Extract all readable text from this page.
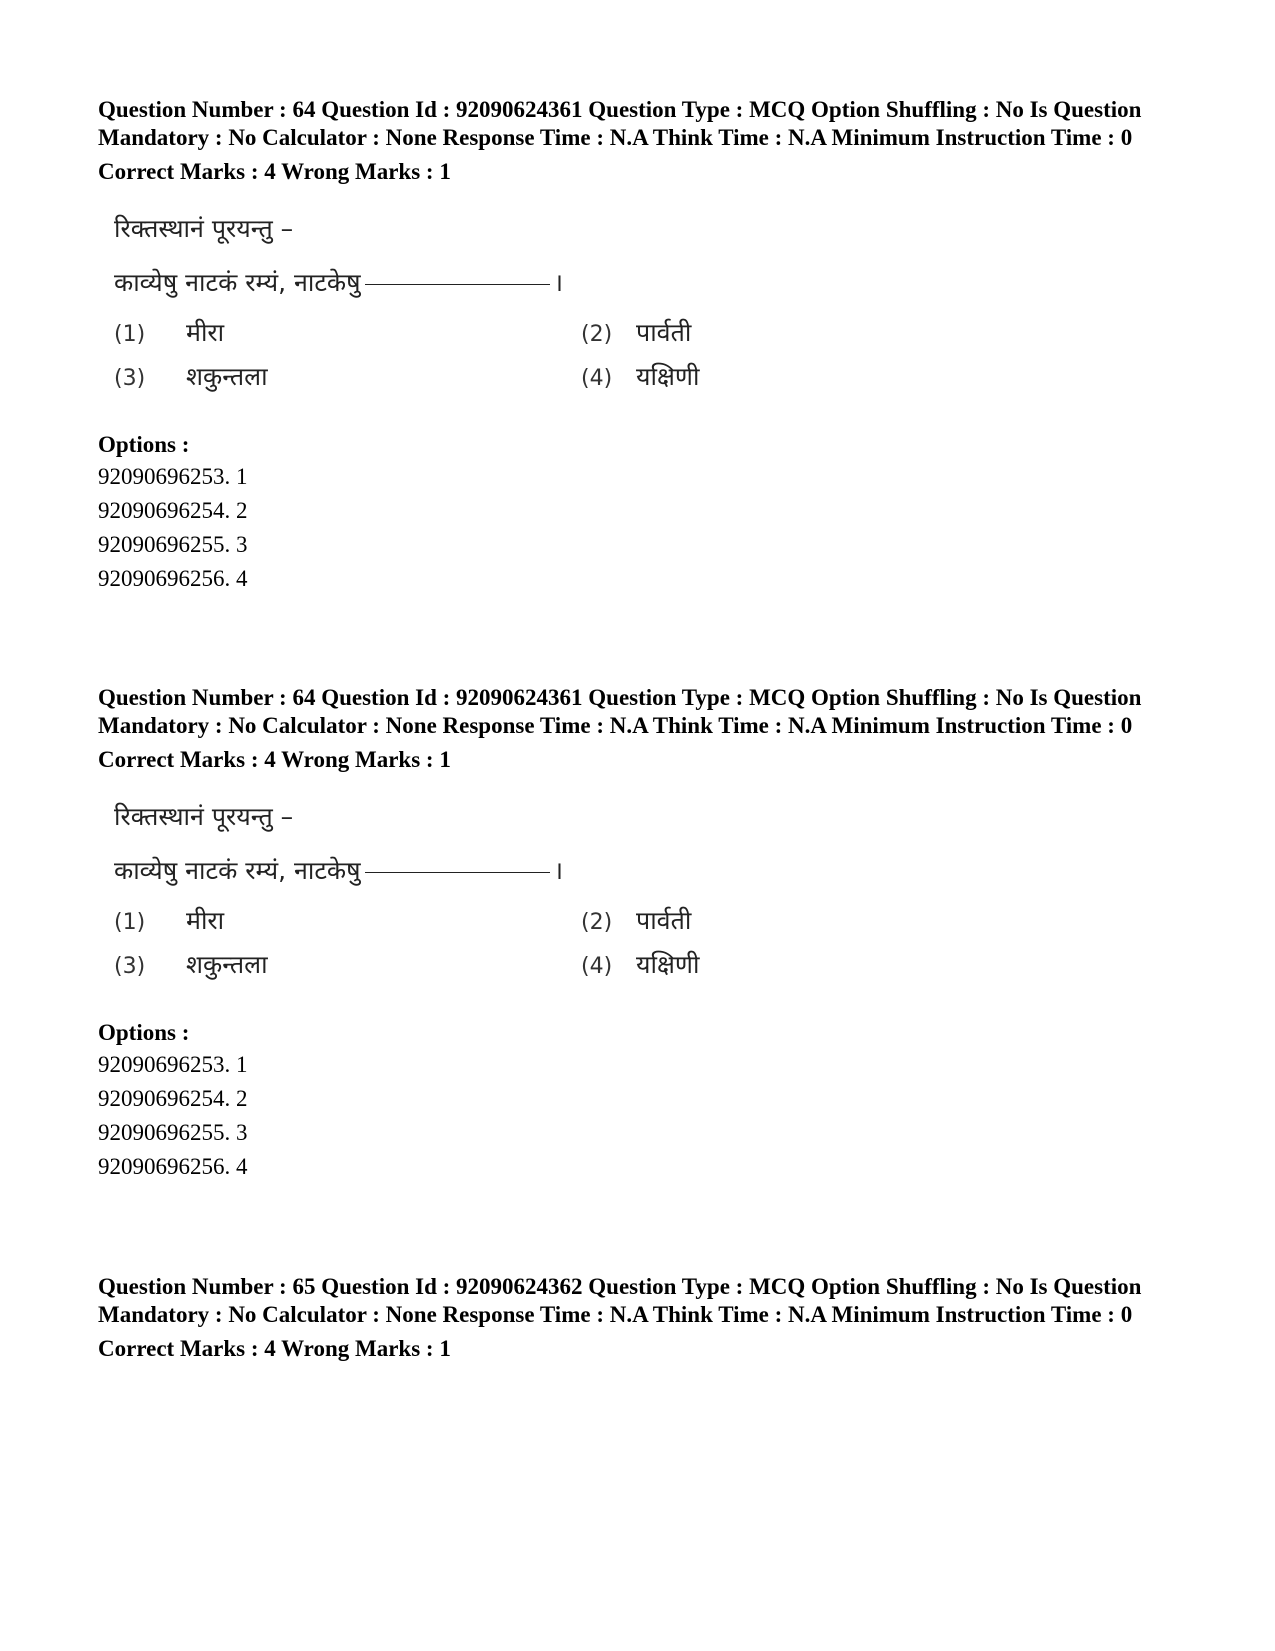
Question Number : 64 Question Id : 92090624361 Question Type : MCQ Option Shuffling : No Is Question Mandatory : No Calculator : None Response Time : N.A Think Time : N.A Minimum Instruction Time : 0
Correct Marks : 4 Wrong Marks : 1
रिक्तस्थानं पूरयन्तु –
काव्येषु नाटकं रम्यं, नाटकेषु	।
(1) मीरा	(2) पार्वती
(3) शकुन्तला	(4) यक्षिणी
Options :
92090696253. 1
92090696254. 2
92090696255. 3
92090696256. 4
Question Number : 64 Question Id : 92090624361 Question Type : MCQ Option Shuffling : No Is Question Mandatory : No Calculator : None Response Time : N.A Think Time : N.A Minimum Instruction Time : 0
Correct Marks : 4 Wrong Marks : 1
रिक्तस्थानं पूरयन्तु –
काव्येषु नाटकं रम्यं, नाटकेषु	।
(1) मीरा	(2) पार्वती
(3) शकुन्तला	(4) यक्षिणी
Options :
92090696253. 1
92090696254. 2
92090696255. 3
92090696256. 4
Question Number : 65 Question Id : 92090624362 Question Type : MCQ Option Shuffling : No Is Question Mandatory : No Calculator : None Response Time : N.A Think Time : N.A Minimum Instruction Time : 0
Correct Marks : 4 Wrong Marks : 1
